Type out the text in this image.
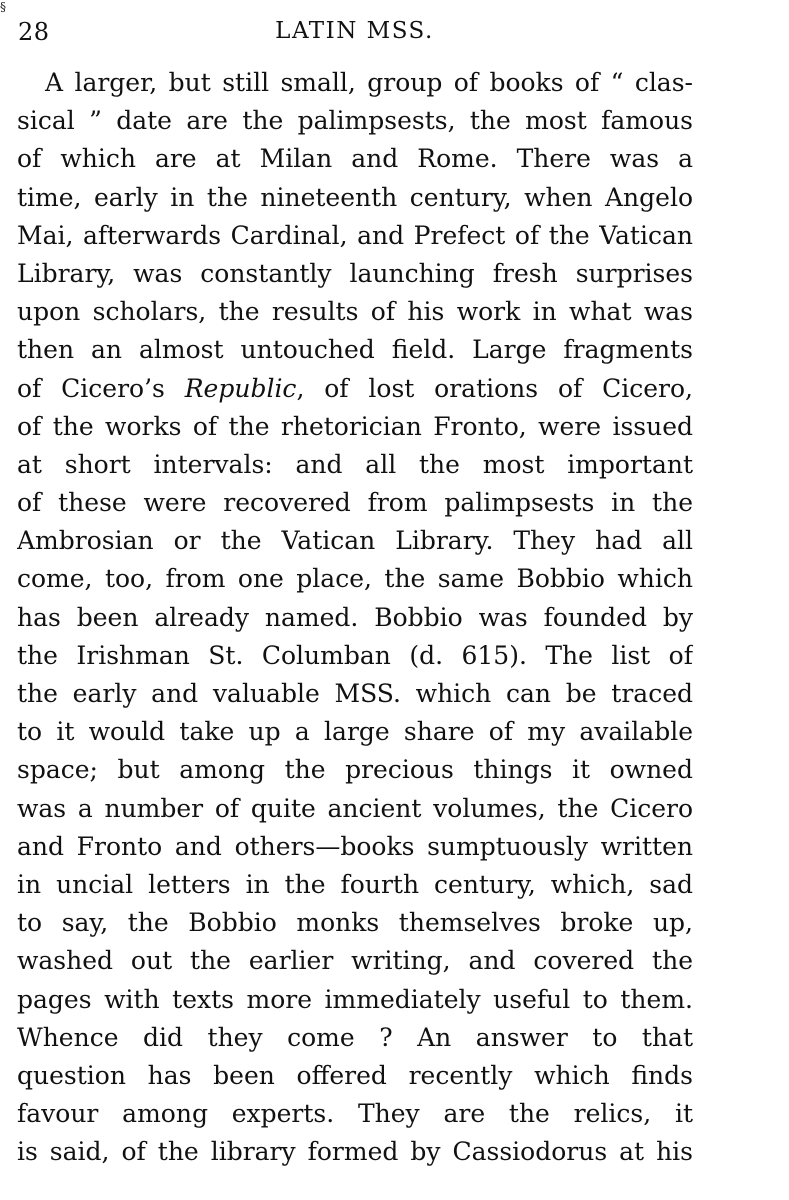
§
28	LATIN MSS.
A larger, but still small, group of books of “ clas-
sical ” date are the palimpsests, the most famous
of which are at Milan and Rome. There was a
time, early in the nineteenth century, when Angelo
Mai, afterwards Cardinal, and Prefect of the Vatican
Library, was constantly launching fresh surprises
upon scholars, the results of his work in what was
then an almost untouched field. Large fragments
of Cicero’s Republic, of lost orations of Cicero,
of the works of the rhetorician Fronto, were issued
at short intervals: and all the most important
of these were recovered from palimpsests in the
Ambrosian or the Vatican Library. They had all
come, too, from one place, the same Bobbio which
has been already named. Bobbio was founded by
the Irishman St. Columban (d. 615). The list of
the early and valuable MSS. which can be traced
to it would take up a large share of my available
space; but among the precious things it owned
was a number of quite ancient volumes, the Cicero
and Fronto and others—books sumptuously written
in uncial letters in the fourth century, which, sad
to say, the Bobbio monks themselves broke up,
washed out the earlier writing, and covered the
pages with texts more immediately useful to them.
Whence did they come ? An answer to that
question has been offered recently which finds
favour among experts. They are the relics, it
is said, of the library formed by Cassiodorus at his
